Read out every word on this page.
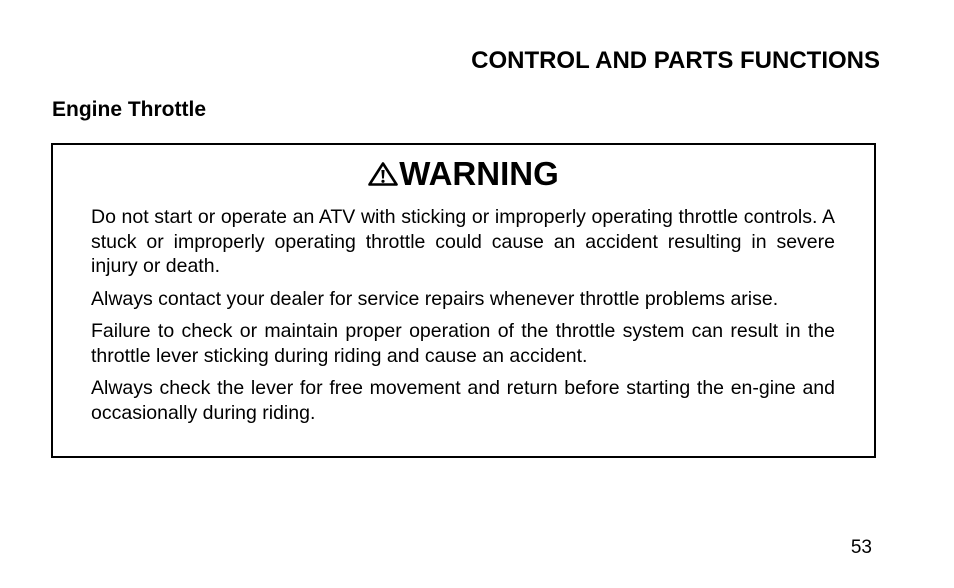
CONTROL AND PARTS FUNCTIONS
Engine Throttle
WARNING

Do not start or operate an ATV with sticking or improperly operating throttle controls. A stuck or improperly operating throttle could cause an accident resulting in severe injury or death.

Always contact your dealer for service repairs whenever throttle problems arise.

Failure to check or maintain proper operation of the throttle system can result in the throttle lever sticking during riding and cause an accident.

Always check the lever for free movement and return before starting the en-gine and occasionally during riding.

53
